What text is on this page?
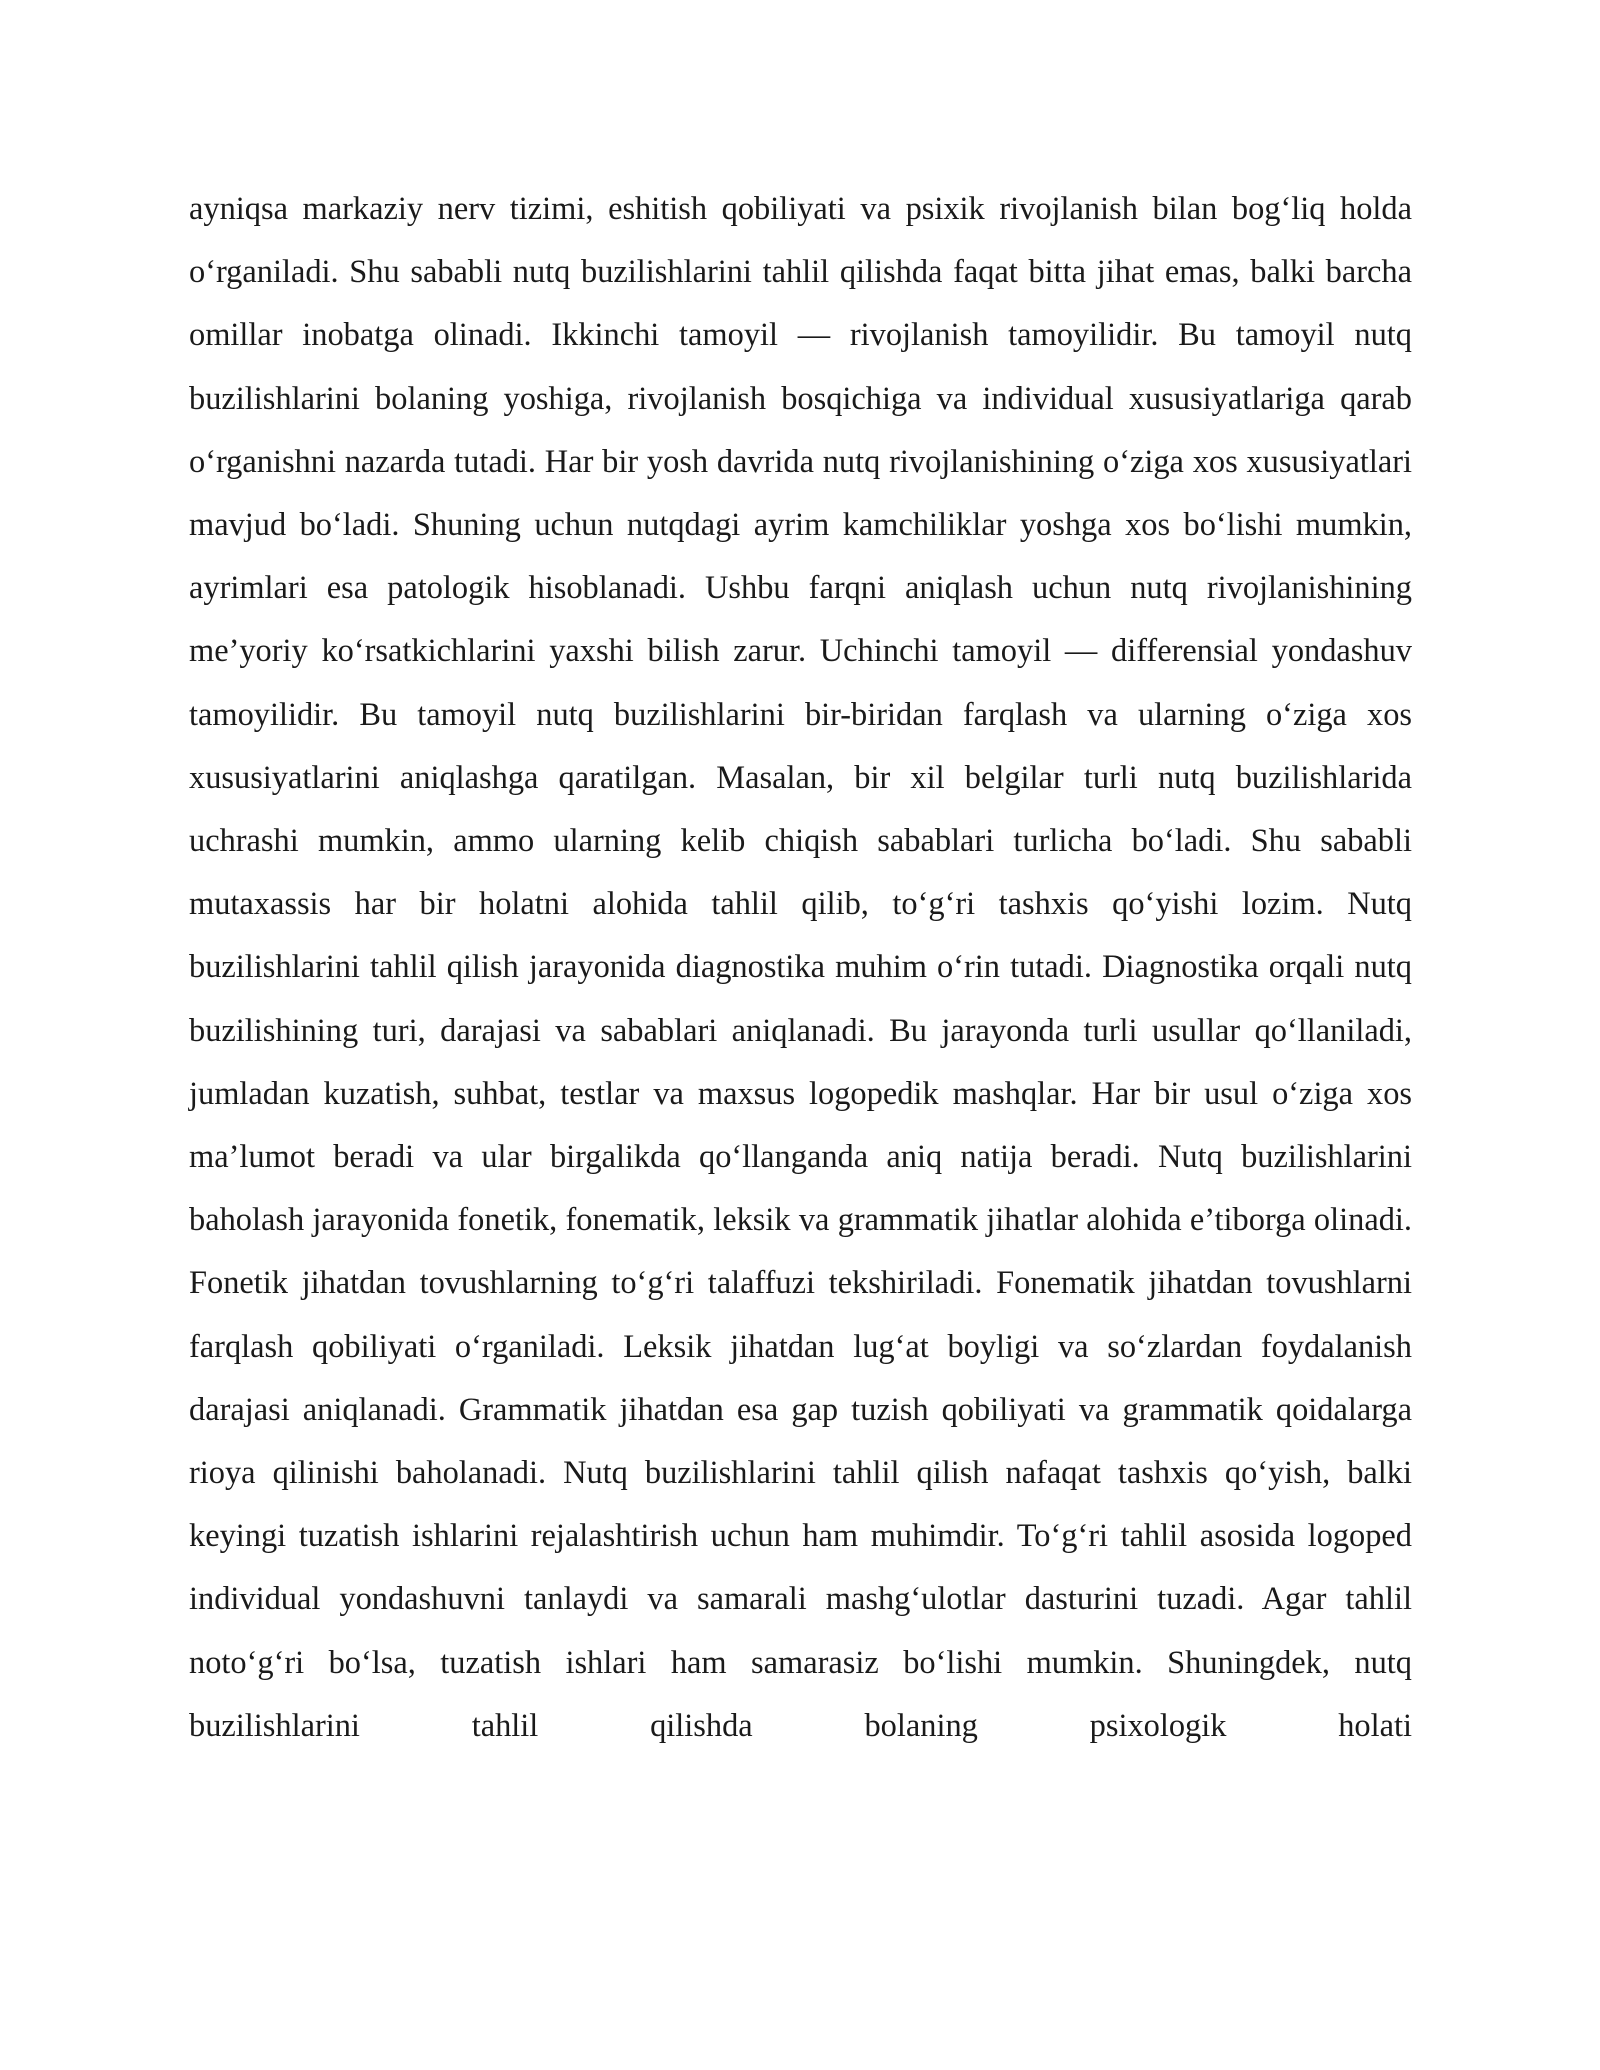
ayniqsa markaziy nerv tizimi, eshitish qobiliyati va psixik rivojlanish bilan bog‘liq holda o‘rganiladi. Shu sababli nutq buzilishlarini tahlil qilishda faqat bitta jihat emas, balki barcha omillar inobatga olinadi. Ikkinchi tamoyil — rivojlanish tamoyilidir. Bu tamoyil nutq buzilishlarini bolaning yoshiga, rivojlanish bosqichiga va individual xususiyatlariga qarab o‘rganishni nazarda tutadi. Har bir yosh davrida nutq rivojlanishining o‘ziga xos xususiyatlari mavjud bo‘ladi. Shuning uchun nutqdagi ayrim kamchiliklar yoshga xos bo‘lishi mumkin, ayrimlari esa patologik hisoblanadi. Ushbu farqni aniqlash uchun nutq rivojlanishining me’yoriy ko‘rsatkichlarini yaxshi bilish zarur. Uchinchi tamoyil — differensial yondashuv tamoyilidir. Bu tamoyil nutq buzilishlarini bir-biridan farqlash va ularning o‘ziga xos xususiyatlarini aniqlashga qaratilgan. Masalan, bir xil belgilar turli nutq buzilishlarida uchrashi mumkin, ammo ularning kelib chiqish sabablari turlicha bo‘ladi. Shu sababli mutaxassis har bir holatni alohida tahlil qilib, to‘g‘ri tashxis qo‘yishi lozim. Nutq buzilishlarini tahlil qilish jarayonida diagnostika muhim o‘rin tutadi. Diagnostika orqali nutq buzilishining turi, darajasi va sabablari aniqlanadi. Bu jarayonda turli usullar qo‘llaniladi, jumladan kuzatish, suhbat, testlar va maxsus logopedik mashqlar. Har bir usul o‘ziga xos ma’lumot beradi va ular birgalikda qo‘llanganda aniq natija beradi. Nutq buzilishlarini baholash jarayonida fonetik, fonematik, leksik va grammatik jihatlar alohida e’tiborga olinadi. Fonetik jihatdan tovushlarning to‘g‘ri talaffuzi tekshiriladi. Fonematik jihatdan tovushlarni farqlash qobiliyati o‘rganiladi. Leksik jihatdan lug‘at boyligi va so‘zlardan foydalanish darajasi aniqlanadi. Grammatik jihatdan esa gap tuzish qobiliyati va grammatik qoidalarga rioya qilinishi baholanadi. Nutq buzilishlarini tahlil qilish nafaqat tashxis qo‘yish, balki keyingi tuzatish ishlarini rejalashtirish uchun ham muhimdir. To‘g‘ri tahlil asosida logoped individual yondashuvni tanlaydi va samarali mashg‘ulotlar dasturini tuzadi. Agar tahlil noto‘g‘ri bo‘lsa, tuzatish ishlari ham samarasiz bo‘lishi mumkin. Shuningdek, nutq buzilishlarini tahlil qilishda bolaning psixologik holati
